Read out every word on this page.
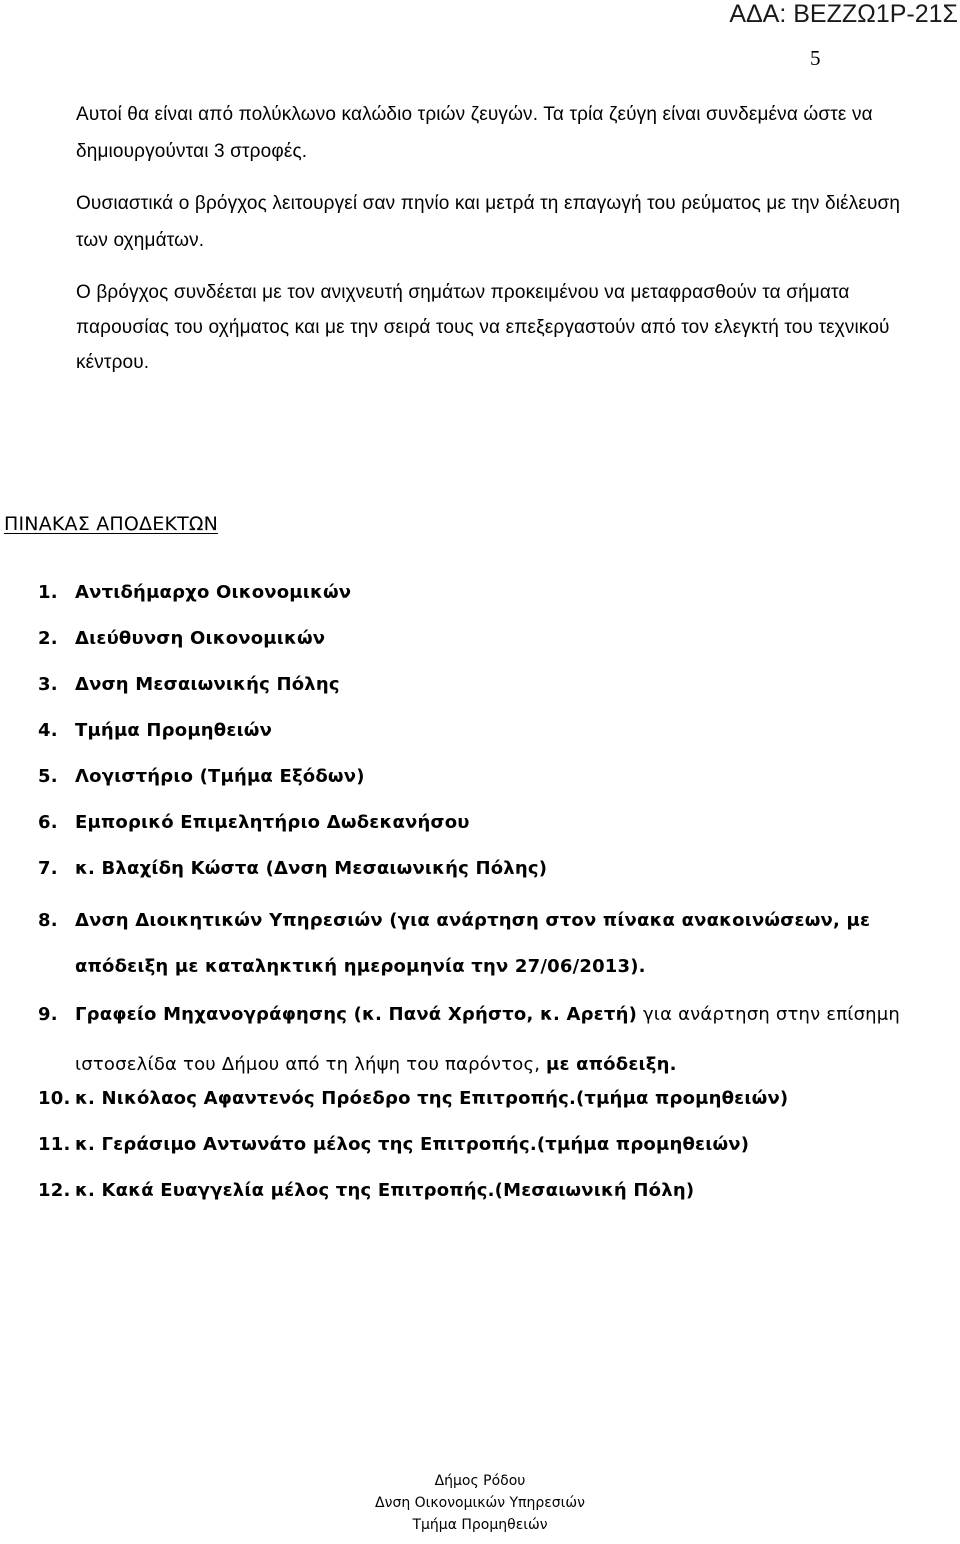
ΑΔΑ: ΒΕΖΖΩ1Ρ-21Σ
5

Αυτοί θα είναι από πολύκλωνο καλώδιο τριών ζευγών. Τα τρία ζεύγη είναι συνδεμένα ώστε να δημιουργούνται 3 στροφές.

Ουσιαστικά ο βρόγχος λειτουργεί σαν πηνίο και μετρά τη επαγωγή του ρεύματος με την διέλευση των οχημάτων.

Ο βρόγχος συνδέεται με τον ανιχνευτή σημάτων προκειμένου να μεταφρασθούν τα σήματα παρουσίας του οχήματος και με την σειρά τους να επεξεργαστούν από τον ελεγκτή του τεχνικού κέντρου.

ΠΙΝΑΚΑΣ ΑΠΟΔΕΚΤΩΝ
1. Αντιδήμαρχο Οικονομικών
2. Διεύθυνση Οικονομικών
3. Δνση Μεσαιωνικής Πόλης
4. Τμήμα Προμηθειών
5. Λογιστήριο (Τμήμα Εξόδων)
6. Εμπορικό Επιμελητήριο Δωδεκανήσου
7. κ. Βλαχίδη Κώστα (Δνση Μεσαιωνικής Πόλης)
8. Δνση Διοικητικών Υπηρεσιών (για ανάρτηση στον πίνακα ανακοινώσεων, με απόδειξη με καταληκτική ημερομηνία την 27/06/2013).
9. Γραφείο Μηχανογράφησης (κ. Πανά Χρήστο, κ. Αρετή) για ανάρτηση στην επίσημη ιστοσελίδα του Δήμου από τη λήψη του παρόντος, με απόδειξη.
10. κ. Νικόλαος Αφαντενός Πρόεδρο της Επιτροπής.(τμήμα προμηθειών)
11. κ. Γεράσιμο Αντωνάτο μέλος της Επιτροπής.(τμήμα προμηθειών)
12. κ. Κακά Ευαγγελία μέλος της Επιτροπής.(Μεσαιωνική Πόλη)
Δήμος Ρόδου
Δνση Οικονομικών Υπηρεσιών
Τμήμα Προμηθειών
